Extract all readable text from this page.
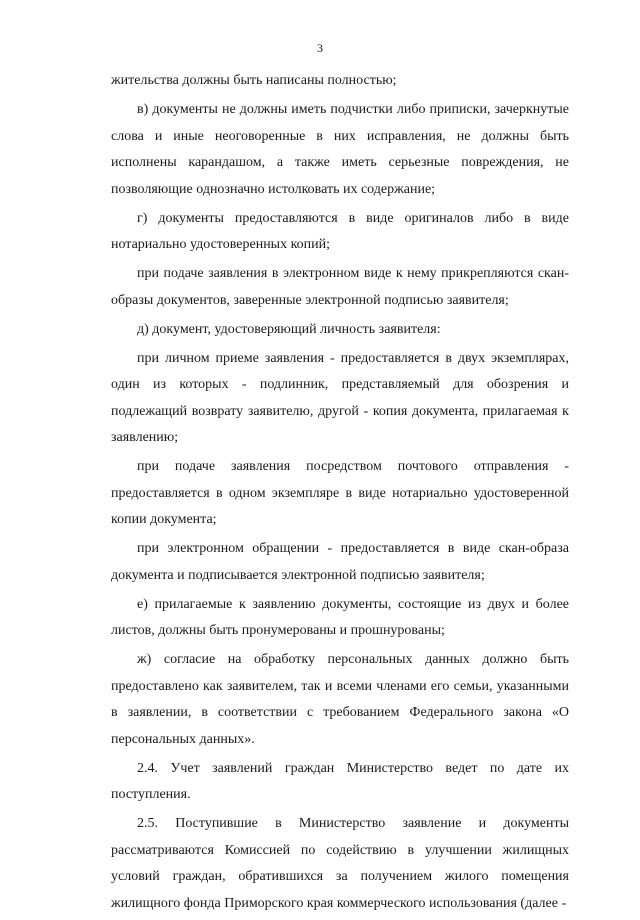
3

жительства должны быть написаны полностью;

в) документы не должны иметь подчистки либо приписки, зачеркнутые слова и иные неоговоренные в них исправления, не должны быть исполнены карандашом, а также иметь серьезные повреждения, не позволяющие однозначно истолковать их содержание;

г) документы предоставляются в виде оригиналов либо в виде нотариально удостоверенных копий;

при подаче заявления в электронном виде к нему прикрепляются скан-образы документов, заверенные электронной подписью заявителя;

д) документ, удостоверяющий личность заявителя:

при личном приеме заявления - предоставляется в двух экземплярах, один из которых - подлинник, представляемый для обозрения и подлежащий возврату заявителю, другой - копия документа, прилагаемая к заявлению;

при подаче заявления посредством почтового отправления - предоставляется в одном экземпляре в виде нотариально удостоверенной копии документа;

при электронном обращении - предоставляется в виде скан-образа документа и подписывается электронной подписью заявителя;

е) прилагаемые к заявлению документы, состоящие из двух и более листов, должны быть пронумерованы и прошнурованы;

ж) согласие на обработку персональных данных должно быть предоставлено как заявителем, так и всеми членами его семьи, указанными в заявлении, в соответствии с требованием Федерального закона «О персональных данных».

2.4. Учет заявлений граждан Министерство ведет по дате их поступления.

2.5. Поступившие в Министерство заявление и документы рассматриваются Комиссией по содействию в улучшении жилищных условий граждан, обратившихся за получением жилого помещения жилищного фонда Приморского края коммерческого использования (далее -
